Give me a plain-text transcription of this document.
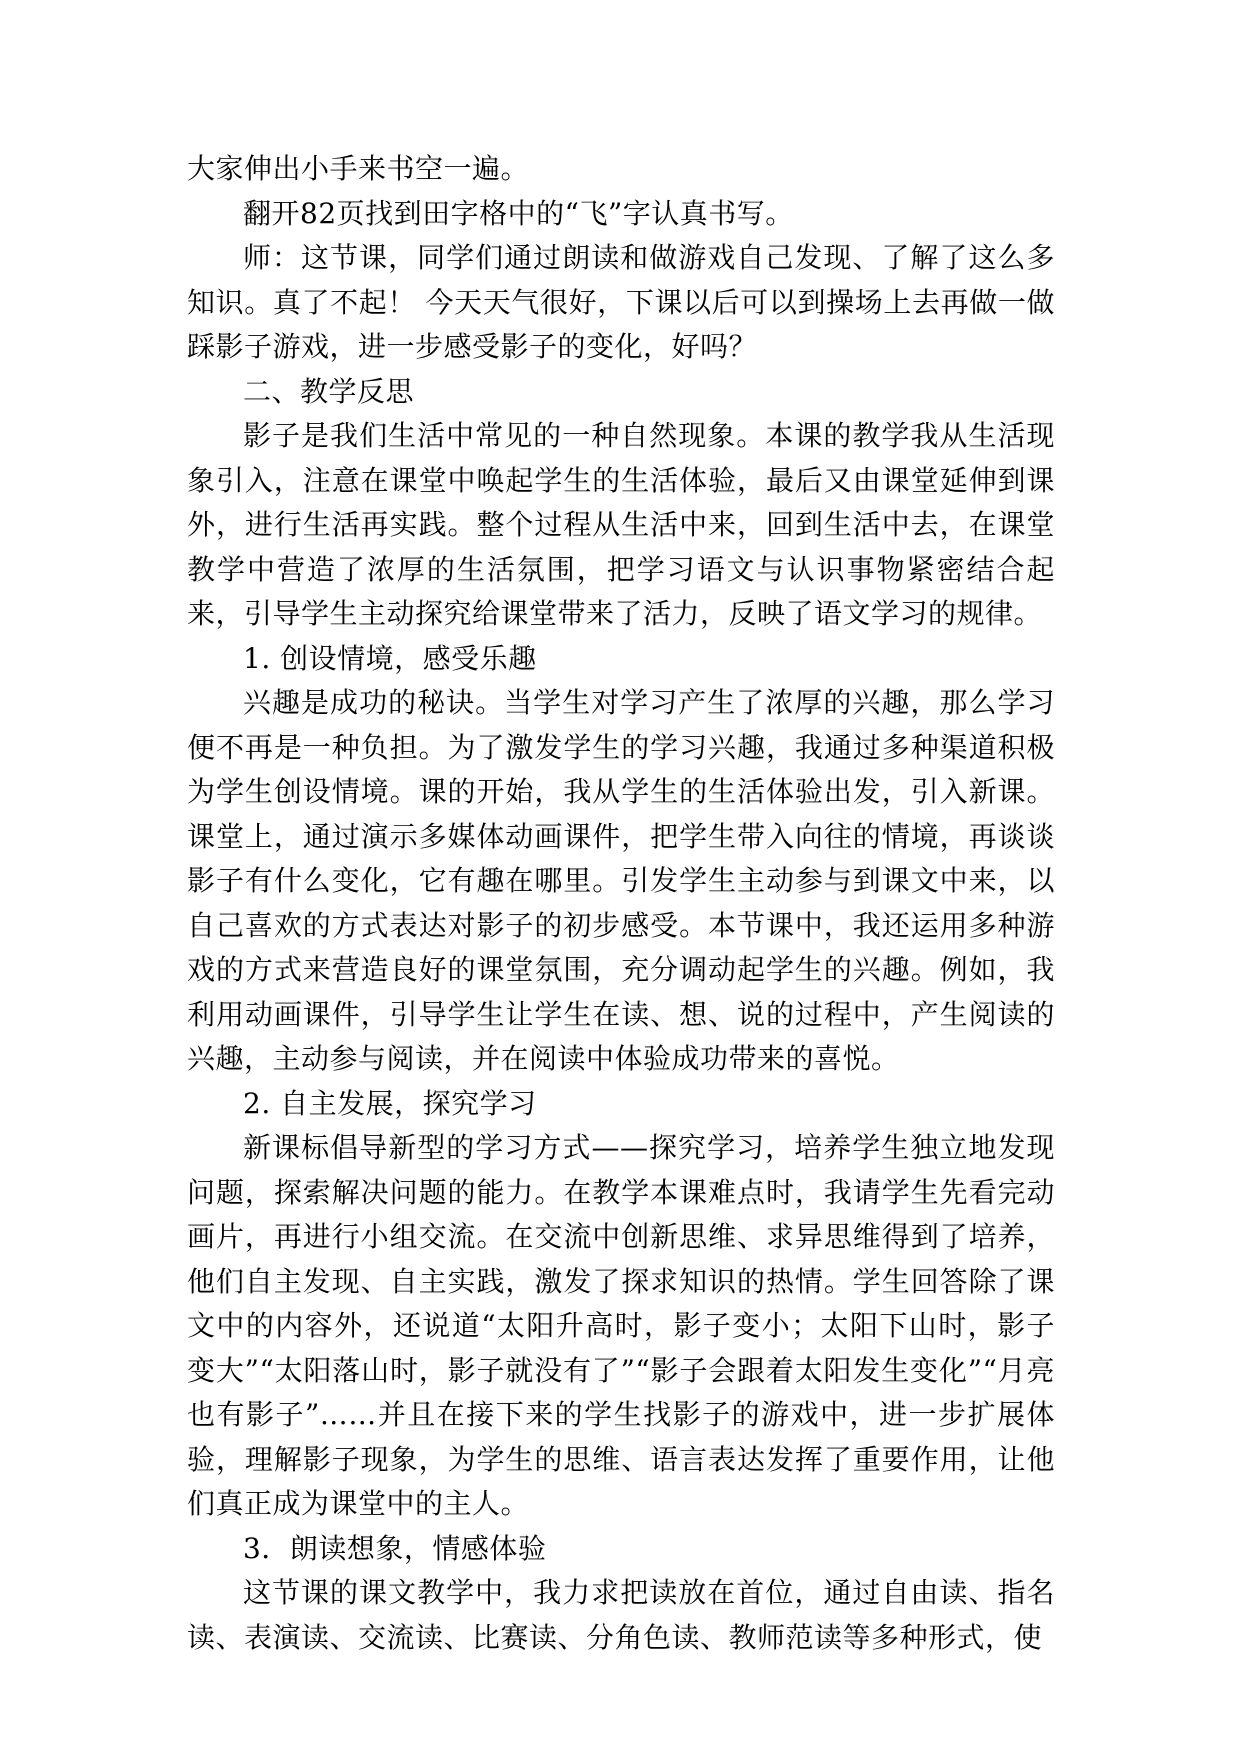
大家伸出小手来书空一遍。

翻开82页找到田字格中的“飞”字认真书写。

师：这节课，同学们通过朗读和做游戏自己发现、了解了这么多知识。真了不起！ 今天天气很好，下课以后可以到操场上去再做一做踩影子游戏，进一步感受影子的变化，好吗？

二、教学反思

影子是我们生活中常见的一种自然现象。本课的教学我从生活现象引入，注意在课堂中唤起学生的生活体验，最后又由课堂延伸到课外，进行生活再实践。整个过程从生活中来，回到生活中去，在课堂教学中营造了浓厚的生活氛围，把学习语文与认识事物紧密结合起来，引导学生主动探究给课堂带来了活力，反映了语文学习的规律。

1. 创设情境，感受乐趣

兴趣是成功的秘诀。当学生对学习产生了浓厚的兴趣，那么学习便不再是一种负担。为了激发学生的学习兴趣，我通过多种渠道积极为学生创设情境。课的开始，我从学生的生活体验出发，引入新课。课堂上，通过演示多媒体动画课件，把学生带入向往的情境，再谈谈影子有什么变化，它有趣在哪里。引发学生主动参与到课文中来，以自己喜欢的方式表达对影子的初步感受。本节课中，我还运用多种游戏的方式来营造良好的课堂氛围，充分调动起学生的兴趣。例如，我利用动画课件，引导学生让学生在读、想、说的过程中，产生阅读的兴趣，主动参与阅读，并在阅读中体验成功带来的喜悦。

2. 自主发展，探究学习

新课标倡导新型的学习方式——探究学习，培养学生独立地发现问题，探索解决问题的能力。在教学本课难点时，我请学生先看完动画片，再进行小组交流。在交流中创新思维、求异思维得到了培养，他们自主发现、自主实践，激发了探求知识的热情。学生回答除了课文中的内容外，还说道“太阳升高时，影子变小；太阳下山时，影子变大”“太阳落山时，影子就没有了”“影子会跟着太阳发生变化”“月亮也有影子”……并且在接下来的学生找影子的游戏中，进一步扩展体验，理解影子现象，为学生的思维、语言表达发挥了重要作用，让他们真正成为课堂中的主人。

3．朗读想象，情感体验

这节课的课文教学中，我力求把读放在首位，通过自由读、指名读、表演读、交流读、比赛读、分角色读、教师范读等多种形式，使
